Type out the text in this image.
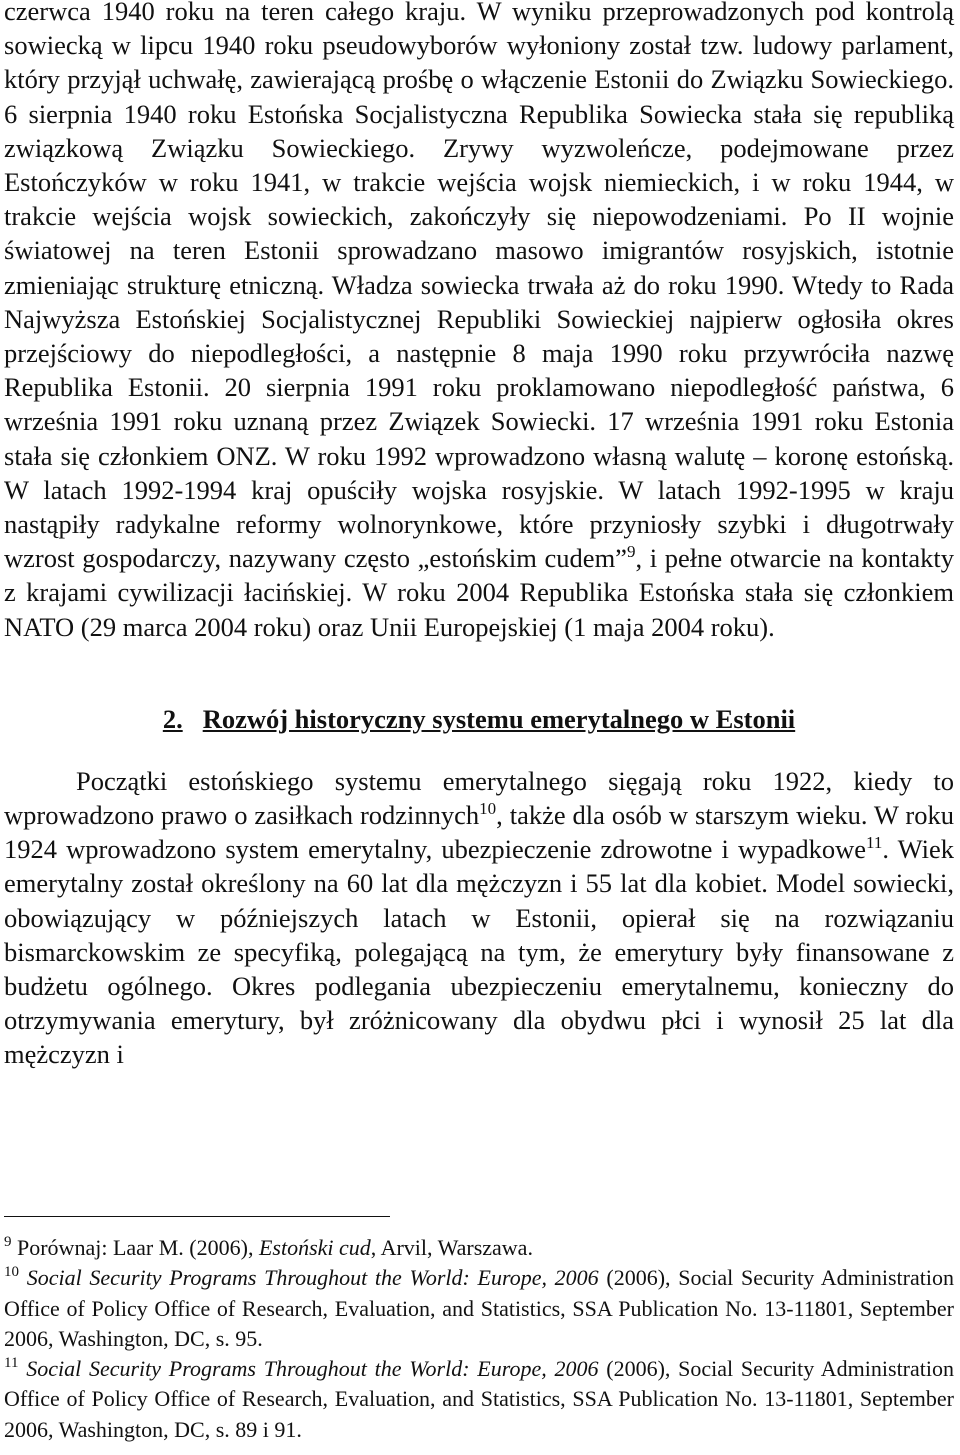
czerwca 1940 roku na teren całego kraju. W wyniku przeprowadzonych pod kontrolą sowiecką w lipcu 1940 roku pseudowyborów wyłoniony został tzw. ludowy parlament, który przyjął uchwałę, zawierającą prośbę o włączenie Estonii do Związku Sowieckiego. 6 sierpnia 1940 roku Estońska Socjalistyczna Republika Sowiecka stała się republiką związkową Związku Sowieckiego. Zrywy wyzwoleńcze, podejmowane przez Estończyków w roku 1941, w trakcie wejścia wojsk niemieckich, i w roku 1944, w trakcie wejścia wojsk sowieckich, zakończyły się niepowodzeniami. Po II wojnie światowej na teren Estonii sprowadzano masowo imigrantów rosyjskich, istotnie zmieniając strukturę etniczną. Władza sowiecka trwała aż do roku 1990. Wtedy to Rada Najwyższa Estońskiej Socjalistycznej Republiki Sowieckiej najpierw ogłosiła okres przejściowy do niepodległości, a następnie 8 maja 1990 roku przywróciła nazwę Republika Estonii. 20 sierpnia 1991 roku proklamowano niepodległość państwa, 6 września 1991 roku uznaną przez Związek Sowiecki. 17 września 1991 roku Estonia stała się członkiem ONZ. W roku 1992 wprowadzono własną walutę – koronę estońską. W latach 1992-1994 kraj opuściły wojska rosyjskie. W latach 1992-1995 w kraju nastąpiły radykalne reformy wolnorynkowe, które przyniosły szybki i długotrwały wzrost gospodarczy, nazywany często „estońskim cudem”$^9$, i pełne otwarcie na kontakty z krajami cywilizacji łacińskiej. W roku 2004 Republika Estońska stała się członkiem NATO (29 marca 2004 roku) oraz Unii Europejskiej (1 maja 2004 roku).

2. Rozwój historyczny systemu emerytalnego w Estonii

Początki estońskiego systemu emerytalnego sięgają roku 1922, kiedy to wprowadzono prawo o zasiłkach rodzinnych$^{10}$, także dla osób w starszym wieku. W roku 1924 wprowadzono system emerytalny, ubezpieczenie zdrowotne i wypadkowe$^{11}$. Wiek emerytalny został określony na 60 lat dla mężczyzn i 55 lat dla kobiet. Model sowiecki, obowiązujący w późniejszych latach w Estonii, opierał się na rozwiązaniu bismarckowskim ze specyfiką, polegającą na tym, że emerytury były finansowane z budżetu ogólnego. Okres podlegania ubezpieczeniu emerytalnemu, konieczny do otrzymywania emerytury, był zróżnicowany dla obydwu płci i wynosił 25 lat dla mężczyzn i

$^9$ Porównaj: Laar M. (2006), Estoński cud, Arvil, Warszawa.

$^{10}$ Social Security Programs Throughout the World: Europe, 2006 (2006), Social Security Administration Office of Policy Office of Research, Evaluation, and Statistics, SSA Publication No. 13-11801, September 2006, Washington, DC, s. 95.

$^{11}$ Social Security Programs Throughout the World: Europe, 2006 (2006), Social Security Administration Office of Policy Office of Research, Evaluation, and Statistics, SSA Publication No. 13-11801, September 2006, Washington, DC, s. 89 i 91.
